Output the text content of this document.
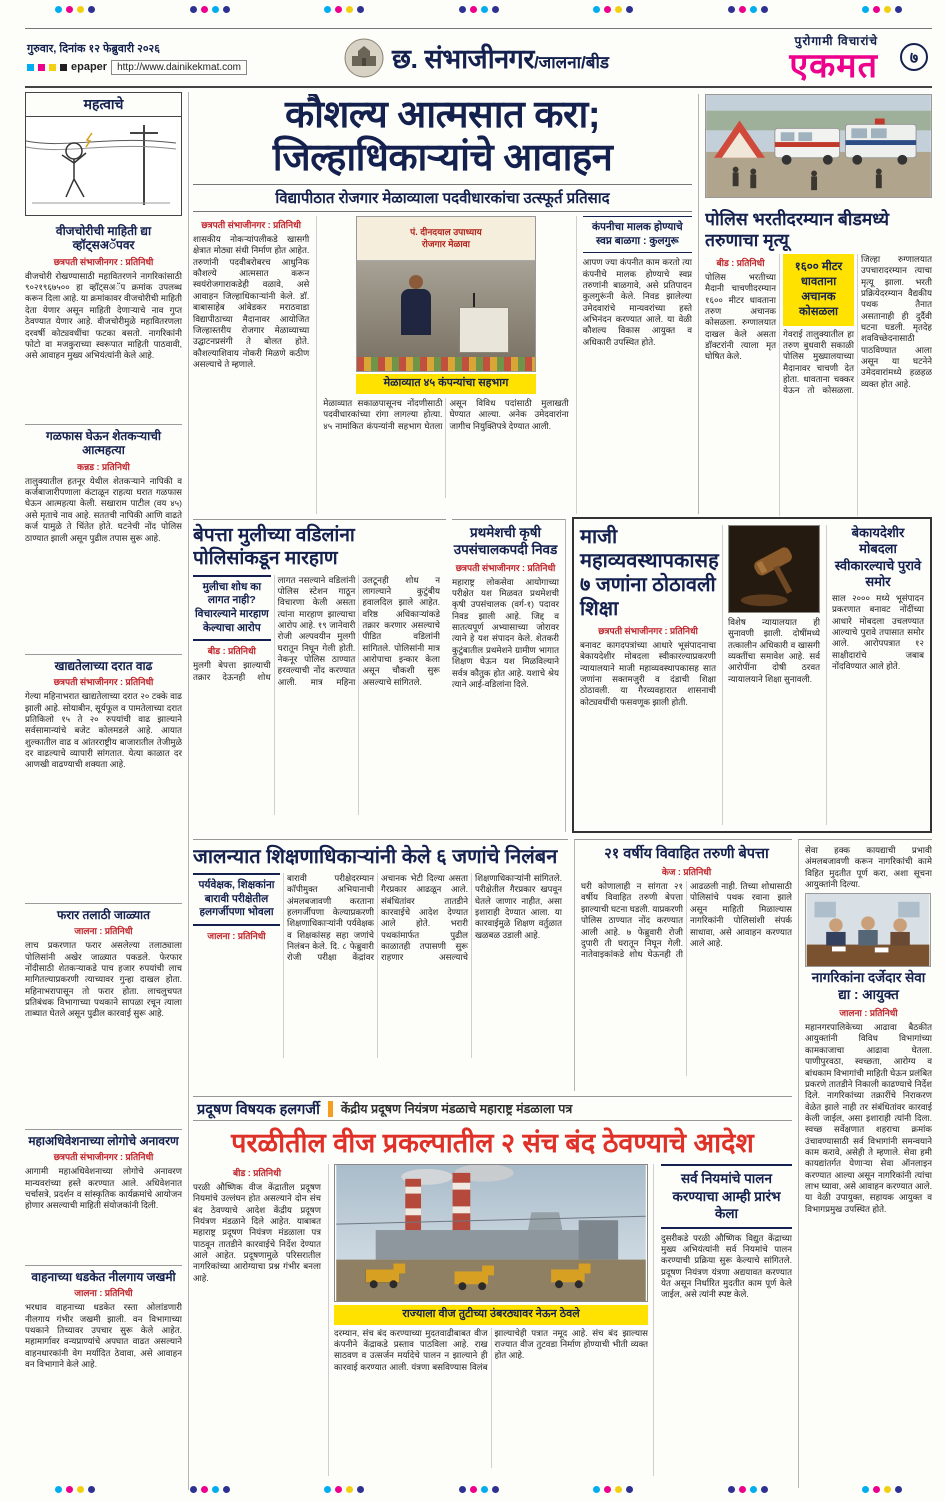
गुरुवार, दिनांक १२ फेब्रुवारी २०२६
epaper	http://www.dainikekmat.com	छ. संभाजीनगर/जालना/बीड
पुरोगामी विचारांचे
एकमत	७
महत्वाचे
वीजचोरीची माहिती द्या व्हॉट्सअॅपवर
छत्रपती संभाजीनगर : प्रतिनिधी

वीजचोरी रोखण्यासाठी महावितरणने नागरिकांसाठी ९०२१९६७५०० हा व्हॉट्सअॅप क्रमांक उपलब्ध करून दिला आहे. या क्रमांकावर वीजचोरीची माहिती देता येणार असून माहिती देणाऱ्याचे नाव गुप्त ठेवण्यात येणार आहे. वीजचोरीमुळे महावितरणला दरवर्षी कोट्यवधींचा फटका बसतो. नागरिकांनी फोटो वा मजकुराच्या स्वरूपात माहिती पाठवावी, असे आवाहन मुख्य अभियंत्यांनी केले आहे.

गळफास घेऊन शेतकऱ्याची आत्महत्या
कन्नड : प्रतिनिधी

तालुक्यातील हतनूर येथील शेतकऱ्याने नापिकी व कर्जबाजारीपणाला कंटाळून राहत्या घरात गळफास घेऊन आत्महत्या केली. सखाराम पाटील (वय ४५) असे मृताचे नाव आहे. सततची नापिकी आणि वाढते कर्ज यामुळे ते चिंतेत होते. घटनेची नोंद पोलिस ठाण्यात झाली असून पुढील तपास सुरू आहे.

खाद्यतेलाच्या दरात वाढ
छत्रपती संभाजीनगर : प्रतिनिधी

गेल्या महिनाभरात खाद्यतेलाच्या दरात २० टक्के वाढ झाली आहे. सोयाबीन, सूर्यफूल व पामतेलाच्या दरात प्रतिकिलो १५ ते २० रुपयांची वाढ झाल्याने सर्वसामान्यांचे बजेट कोलमडले आहे. आयात शुल्कातील वाढ व आंतरराष्ट्रीय बाजारातील तेजीमुळे दर वाढल्याचे व्यापारी सांगतात. येत्या काळात दर आणखी वाढण्याची शक्यता आहे.

फरार तलाठी जाळ्यात
जालना : प्रतिनिधी

लाच प्रकरणात फरार असलेल्या तलाठ्याला पोलिसांनी अखेर जाळ्यात पकडले. फेरफार नोंदीसाठी शेतकऱ्याकडे पाच हजार रुपयांची लाच मागितल्याप्रकरणी त्याच्यावर गुन्हा दाखल होता. महिनाभरापासून तो फरार होता. लाचलुचपत प्रतिबंधक विभागाच्या पथकाने सापळा रचून त्याला ताब्यात घेतले असून पुढील कारवाई सुरू आहे.

महाअधिवेशनाच्या लोगोचे अनावरण
छत्रपती संभाजीनगर : प्रतिनिधी

आगामी महाअधिवेशनाच्या लोगोचे अनावरण मान्यवरांच्या हस्ते करण्यात आले. अधिवेशनात चर्चासत्रे, प्रदर्शन व सांस्कृतिक कार्यक्रमांचे आयोजन होणार असल्याची माहिती संयोजकांनी दिली.

वाहनाच्या धडकेत नीलगाय जखमी
जालना : प्रतिनिधी

भरधाव वाहनाच्या धडकेत रस्ता ओलांडणारी नीलगाय गंभीर जखमी झाली. वन विभागाच्या पथकाने तिच्यावर उपचार सुरू केले आहेत. महामार्गावर वन्यप्राण्यांचे अपघात वाढत असल्याने वाहनधारकांनी वेग मर्यादित ठेवावा, असे आवाहन वन विभागाने केले आहे.

कौशल्य आत्मसात करा; जिल्हाधिकाऱ्यांचे आवाहन
विद्यापीठात रोजगार मेळाव्याला पदवीधारकांचा उत्स्फूर्त प्रतिसाद
छत्रपती संभाजीनगर : प्रतिनिधी

शासकीय नोकऱ्यांपलीकडे खासगी क्षेत्रात मोठ्या संधी निर्माण होत आहेत. तरुणांनी पदवीबरोबरच आधुनिक कौशल्ये आत्मसात करून स्वयंरोजगाराकडेही वळावे, असे आवाहन जिल्हाधिकाऱ्यांनी केले. डॉ. बाबासाहेब आंबेडकर मराठवाडा विद्यापीठाच्या मैदानावर आयोजित जिल्हास्तरीय रोजगार मेळाव्याच्या उद्घाटनप्रसंगी ते बोलत होते. कौशल्याशिवाय नोकरी मिळणे कठीण असल्याचे ते म्हणाले.

पं. दीनदयाल उपाध्याय
रोजगार मेळावा
मेळाव्यात ४५ कंपन्यांचा सहभाग
मेळाव्यात सकाळपासूनच नोंदणीसाठी पदवीधारकांच्या रांगा लागल्या होत्या. ४५ नामांकित कंपन्यांनी सहभाग घेतला असून विविध पदांसाठी मुलाखती घेण्यात आल्या. अनेक उमेदवारांना जागीच नियुक्तिपत्रे देण्यात आली.
कंपनीचा मालक होण्याचे स्वप्न बाळगा : कुलगुरू

आपण ज्या कंपनीत काम करतो त्या कंपनीचे मालक होण्याचे स्वप्न तरुणांनी बाळगावे, असे प्रतिपादन कुलगुरूंनी केले. निवड झालेल्या उमेदवारांचे मान्यवरांच्या हस्ते अभिनंदन करण्यात आले. या वेळी कौशल्य विकास आयुक्त व अधिकारी उपस्थित होते.

पोलिस भरतीदरम्यान बीडमध्ये तरुणाचा मृत्यू
बीड : प्रतिनिधी

पोलिस भरतीच्या मैदानी चाचणीदरम्यान १६०० मीटर धावताना तरुण अचानक कोसळला. रुग्णालयात दाखल केले असता डॉक्टरांनी त्याला मृत घोषित केले.

१६०० मीटर धावताना अचानक कोसळला

गेवराई तालुक्यातील हा तरुण बुधवारी सकाळी पोलिस मुख्यालयाच्या मैदानावर चाचणी देत होता. धावताना चक्कर येऊन तो कोसळला. जिल्हा रुग्णालयात उपचारादरम्यान त्याचा मृत्यू झाला. भरती प्रक्रियेदरम्यान वैद्यकीय पथक तैनात असतानाही ही दुर्दैवी घटना घडली. मृतदेह शवविच्छेदनासाठी पाठविण्यात आला असून या घटनेने उमेदवारांमध्ये हळहळ व्यक्त होत आहे.

बेपत्ता मुलीच्या वडिलांना पोलिसांकडून मारहाण
मुलीचा शोध का लागत नाही? विचारल्याने मारहाण केल्याचा आरोप
बीड : प्रतिनिधी

मुलगी बेपत्ता झाल्याची तक्रार देऊनही शोध लागत नसल्याने वडिलांनी पोलिस स्टेशन गाठून विचारणा केली असता त्यांना मारहाण झाल्याचा आरोप आहे. १९ जानेवारी रोजी अल्पवयीन मुलगी घरातून निघून गेली होती. नेकनूर पोलिस ठाण्यात हरवल्याची नोंद करण्यात आली. मात्र महिना उलटूनही शोध न लागल्याने कुटुंबीय हवालदिल झाले आहेत. वरिष्ठ अधिकाऱ्यांकडे तक्रार करणार असल्याचे पीडित वडिलांनी सांगितले. पोलिसांनी मात्र आरोपाचा इन्कार केला असून चौकशी सुरू असल्याचे सांगितले.

प्रथमेशची कृषी उपसंचालकपदी निवड
छत्रपती संभाजीनगर : प्रतिनिधी

महाराष्ट्र लोकसेवा आयोगाच्या परीक्षेत यश मिळवत प्रथमेशची कृषी उपसंचालक (वर्ग-१) पदावर निवड झाली आहे. जिद्द व सातत्यपूर्ण अभ्यासाच्या जोरावर त्याने हे यश संपादन केले. शेतकरी कुटुंबातील प्रथमेशने ग्रामीण भागात शिक्षण घेऊन यश मिळविल्याने सर्वत्र कौतुक होत आहे. यशाचे श्रेय त्याने आई-वडिलांना दिले.

माजी महाव्यवस्थापकासह ७ जणांना ठोठावली शिक्षा
छत्रपती संभाजीनगर : प्रतिनिधी

बनावट कागदपत्रांच्या आधारे भूसंपादनाचा बेकायदेशीर मोबदला स्वीकारल्याप्रकरणी न्यायालयाने माजी महाव्यवस्थापकासह सात जणांना सक्तमजुरी व दंडाची शिक्षा ठोठावली. या गैरव्यवहारात शासनाची कोट्यवधींची फसवणूक झाली होती.

विशेष न्यायालयात ही सुनावणी झाली. दोषींमध्ये तत्कालीन अधिकारी व खासगी व्यक्तींचा समावेश आहे. सर्व आरोपींना दोषी ठरवत न्यायालयाने शिक्षा सुनावली.

बेकायदेशीर मोबदला स्वीकारल्याचे पुरावे समोर

साल २००० मध्ये भूसंपादन प्रकरणात बनावट नोंदींच्या आधारे मोबदला उचलण्यात आल्याचे पुरावे तपासात समोर आले. आरोपपत्रात १२ साक्षीदारांचे जबाब नोंदविण्यात आले होते.

जालन्यात शिक्षणाधिकाऱ्यांनी केले ६ जणांचे निलंबन
पर्यवेक्षक, शिक्षकांना बारावी परीक्षेतील हलगर्जीपणा भोवला
जालना : प्रतिनिधी

बारावी परीक्षेदरम्यान कॉपीमुक्त अभियानाची अंमलबजावणी करताना हलगर्जीपणा केल्याप्रकरणी शिक्षणाधिकाऱ्यांनी पर्यवेक्षक व शिक्षकांसह सहा जणांचे निलंबन केले. दि. ८ फेब्रुवारी रोजी परीक्षा केंद्रांवर अचानक भेटी दिल्या असता गैरप्रकार आढळून आले. संबंधितांवर तातडीने कारवाईचे आदेश देण्यात आले होते. भरारी पथकांमार्फत पुढील काळातही तपासणी सुरू राहणार असल्याचे शिक्षणाधिकाऱ्यांनी सांगितले. परीक्षेतील गैरप्रकार खपवून घेतले जाणार नाहीत, असा इशाराही देण्यात आला. या कारवाईमुळे शिक्षण वर्तुळात खळबळ उडाली आहे.

२१ वर्षीय विवाहित तरुणी बेपत्ता
केज : प्रतिनिधी

घरी कोणालाही न सांगता २१ वर्षीय विवाहित तरुणी बेपत्ता झाल्याची घटना घडली. याप्रकरणी पोलिस ठाण्यात नोंद करण्यात आली आहे. ७ फेब्रुवारी रोजी दुपारी ती घरातून निघून गेली. नातेवाइकांकडे शोध घेऊनही ती आढळली नाही. तिच्या शोधासाठी पोलिसांचे पथक रवाना झाले असून माहिती मिळाल्यास नागरिकांनी पोलिसांशी संपर्क साधावा, असे आवाहन करण्यात आले आहे.

सेवा हक्क कायद्याची प्रभावी अंमलबजावणी करून नागरिकांची कामे विहित मुदतीत पूर्ण करा, अशा सूचना आयुक्तांनी दिल्या.

नागरिकांना दर्जेदार सेवा द्या : आयुक्त
जालना : प्रतिनिधी

महानगरपालिकेच्या आढावा बैठकीत आयुक्तांनी विविध विभागांच्या कामकाजाचा आढावा घेतला. पाणीपुरवठा, स्वच्छता, आरोग्य व बांधकाम विभागांची माहिती घेऊन प्रलंबित प्रकरणे तातडीने निकाली काढण्याचे निर्देश दिले. नागरिकांच्या तक्रारींचे निराकरण वेळेत झाले नाही तर संबंधितांवर कारवाई केली जाईल, असा इशाराही त्यांनी दिला. स्वच्छ सर्वेक्षणात शहराचा क्रमांक उंचावण्यासाठी सर्व विभागांनी समन्वयाने काम करावे, असेही ते म्हणाले. सेवा हमी कायद्यांतर्गत येणाऱ्या सेवा ऑनलाइन करण्यात आल्या असून नागरिकांनी त्यांचा लाभ घ्यावा, असे आवाहन करण्यात आले. या वेळी उपायुक्त, सहायक आयुक्त व विभागप्रमुख उपस्थित होते.

प्रदूषण विषयक हलगर्जी केंद्रीय प्रदूषण नियंत्रण मंडळाचे महाराष्ट्र मंडळाला पत्र
परळीतील वीज प्रकल्पातील २ संच बंद ठेवण्याचे आदेश
बीड : प्रतिनिधी

परळी औष्णिक वीज केंद्रातील प्रदूषण नियमांचे उल्लंघन होत असल्याने दोन संच बंद ठेवण्याचे आदेश केंद्रीय प्रदूषण नियंत्रण मंडळाने दिले आहेत. याबाबत महाराष्ट्र प्रदूषण नियंत्रण मंडळाला पत्र पाठवून तातडीने कारवाईचे निर्देश देण्यात आले आहेत. प्रदूषणामुळे परिसरातील नागरिकांच्या आरोग्याचा प्रश्न गंभीर बनला आहे.

राज्याला वीज तुटीच्या उंबरठ्यावर नेऊन ठेवले
दरम्यान, संच बंद करण्याच्या मुदतवाढीबाबत वीज कंपनीने केंद्राकडे प्रस्ताव पाठविला आहे. राख साठवण व उत्सर्जन मर्यादेचे पालन न झाल्याने ही कारवाई करण्यात आली. यंत्रणा बसविण्यास विलंब झाल्याचेही पत्रात नमूद आहे. संच बंद झाल्यास राज्यात वीज तुटवडा निर्माण होण्याची भीती व्यक्त होत आहे.
सर्व नियमांचे पालन करण्याचा आम्ही प्रारंभ केला

दुसरीकडे परळी औष्णिक विद्युत केंद्राच्या मुख्य अभियंत्यांनी सर्व नियमांचे पालन करण्याची प्रक्रिया सुरू केल्याचे सांगितले. प्रदूषण नियंत्रण यंत्रणा अद्ययावत करण्यात येत असून निर्धारित मुदतीत काम पूर्ण केले जाईल, असे त्यांनी स्पष्ट केले.
